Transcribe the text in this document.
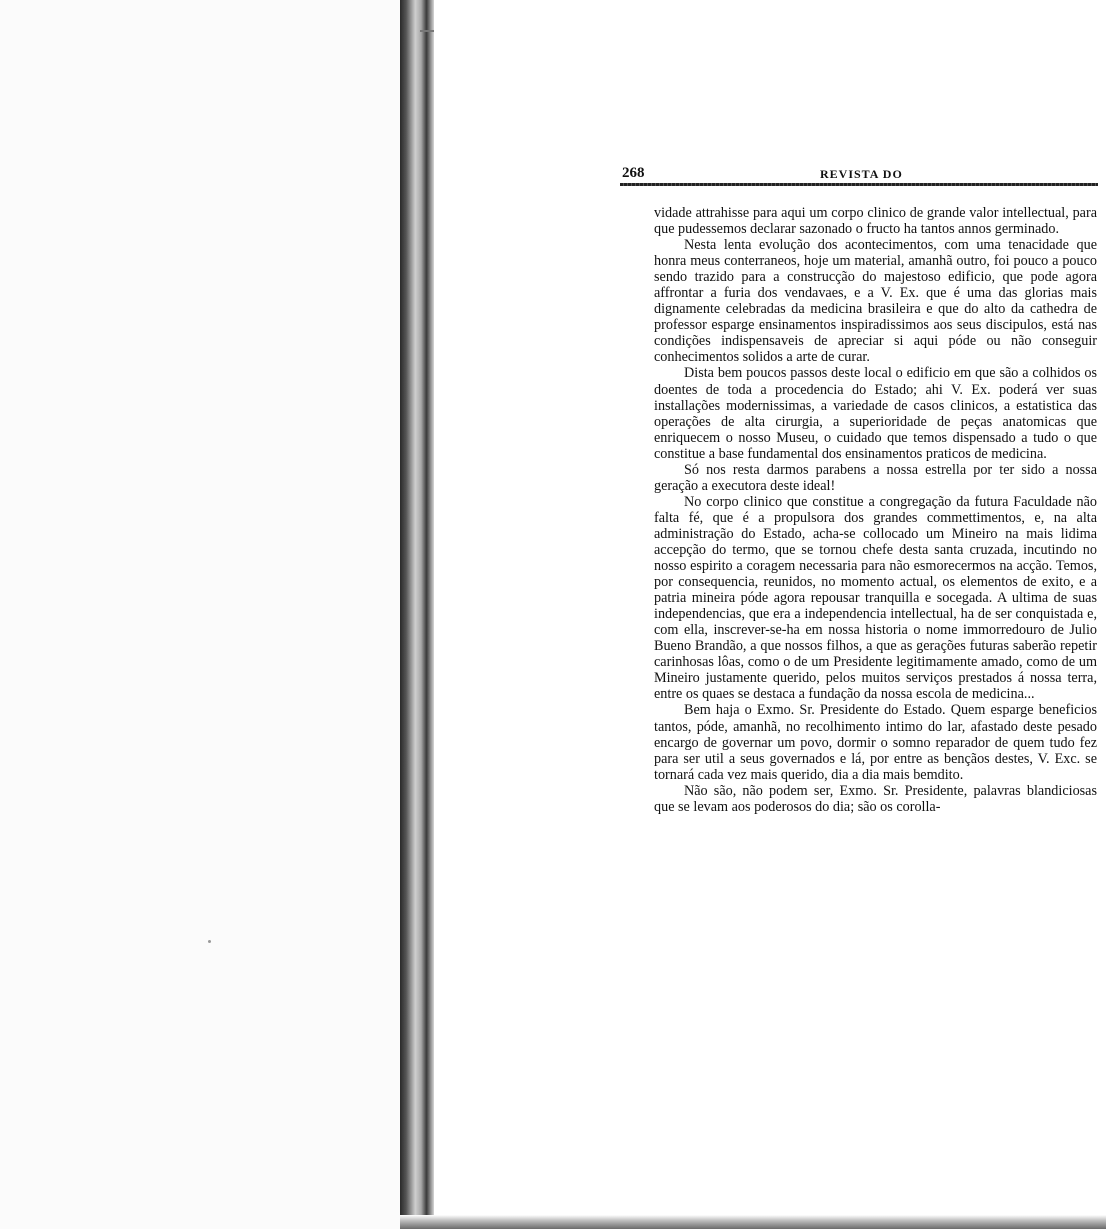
268	REVISTA DO

vidade attrahisse para aqui um corpo clinico de grande valor intellectual, para que pudessemos declarar sazonado o fructo ha tantos annos germinado.

Nesta lenta evolução dos acontecimentos, com uma tenacidade que honra meus conterraneos, hoje um material, amanhã outro, foi pouco a pouco sendo trazido para a construcção do majestoso edificio, que pode agora affrontar a furia dos vendavaes, e a V. Ex. que é uma das glorias mais dignamente celebradas da medicina brasileira e que do alto da cathedra de professor esparge ensinamentos inspiradissimos aos seus discipulos, está nas condições indispensaveis de apreciar si aqui póde ou não conseguir conhecimentos solidos a arte de curar.

Dista bem poucos passos deste local o edificio em que são a colhidos os doentes de toda a procedencia do Estado; ahi V. Ex. poderá ver suas installações modernissimas, a variedade de casos clinicos, a estatistica das operações de alta cirurgia, a superioridade de peças anatomicas que enriquecem o nosso Museu, o cuidado que temos dispensado a tudo o que constitue a base fundamental dos ensinamentos praticos de medicina.

Só nos resta darmos parabens a nossa estrella por ter sido a nossa geração a executora deste ideal!

No corpo clinico que constitue a congregação da futura Faculdade não falta fé, que é a propulsora dos grandes commettimentos, e, na alta administração do Estado, acha-se collocado um Mineiro na mais lidima accepção do termo, que se tornou chefe desta santa cruzada, incutindo no nosso espirito a coragem necessaria para não esmorecermos na acção. Temos, por consequencia, reunidos, no momento actual, os elementos de exito, e a patria mineira póde agora repousar tranquilla e socegada. A ultima de suas independencias, que era a independencia intellectual, ha de ser conquistada e, com ella, inscrever-se-ha em nossa historia o nome immorredouro de Julio Bueno Brandão, a que nossos filhos, a que as gerações futuras saberão repetir carinhosas lôas, como o de um Presidente legitimamente amado, como de um Mineiro justamente querido, pelos muitos serviços prestados á nossa terra, entre os quaes se destaca a fundação da nossa escola de medicina...

Bem haja o Exmo. Sr. Presidente do Estado. Quem esparge beneficios tantos, póde, amanhã, no recolhimento intimo do lar, afastado deste pesado encargo de governar um povo, dormir o somno reparador de quem tudo fez para ser util a seus governados e lá, por entre as bençãos destes, V. Exc. se tornará cada vez mais querido, dia a dia mais bemdito.

Não são, não podem ser, Exmo. Sr. Presidente, palavras blandiciosas que se levam aos poderosos do dia; são os corolla-
